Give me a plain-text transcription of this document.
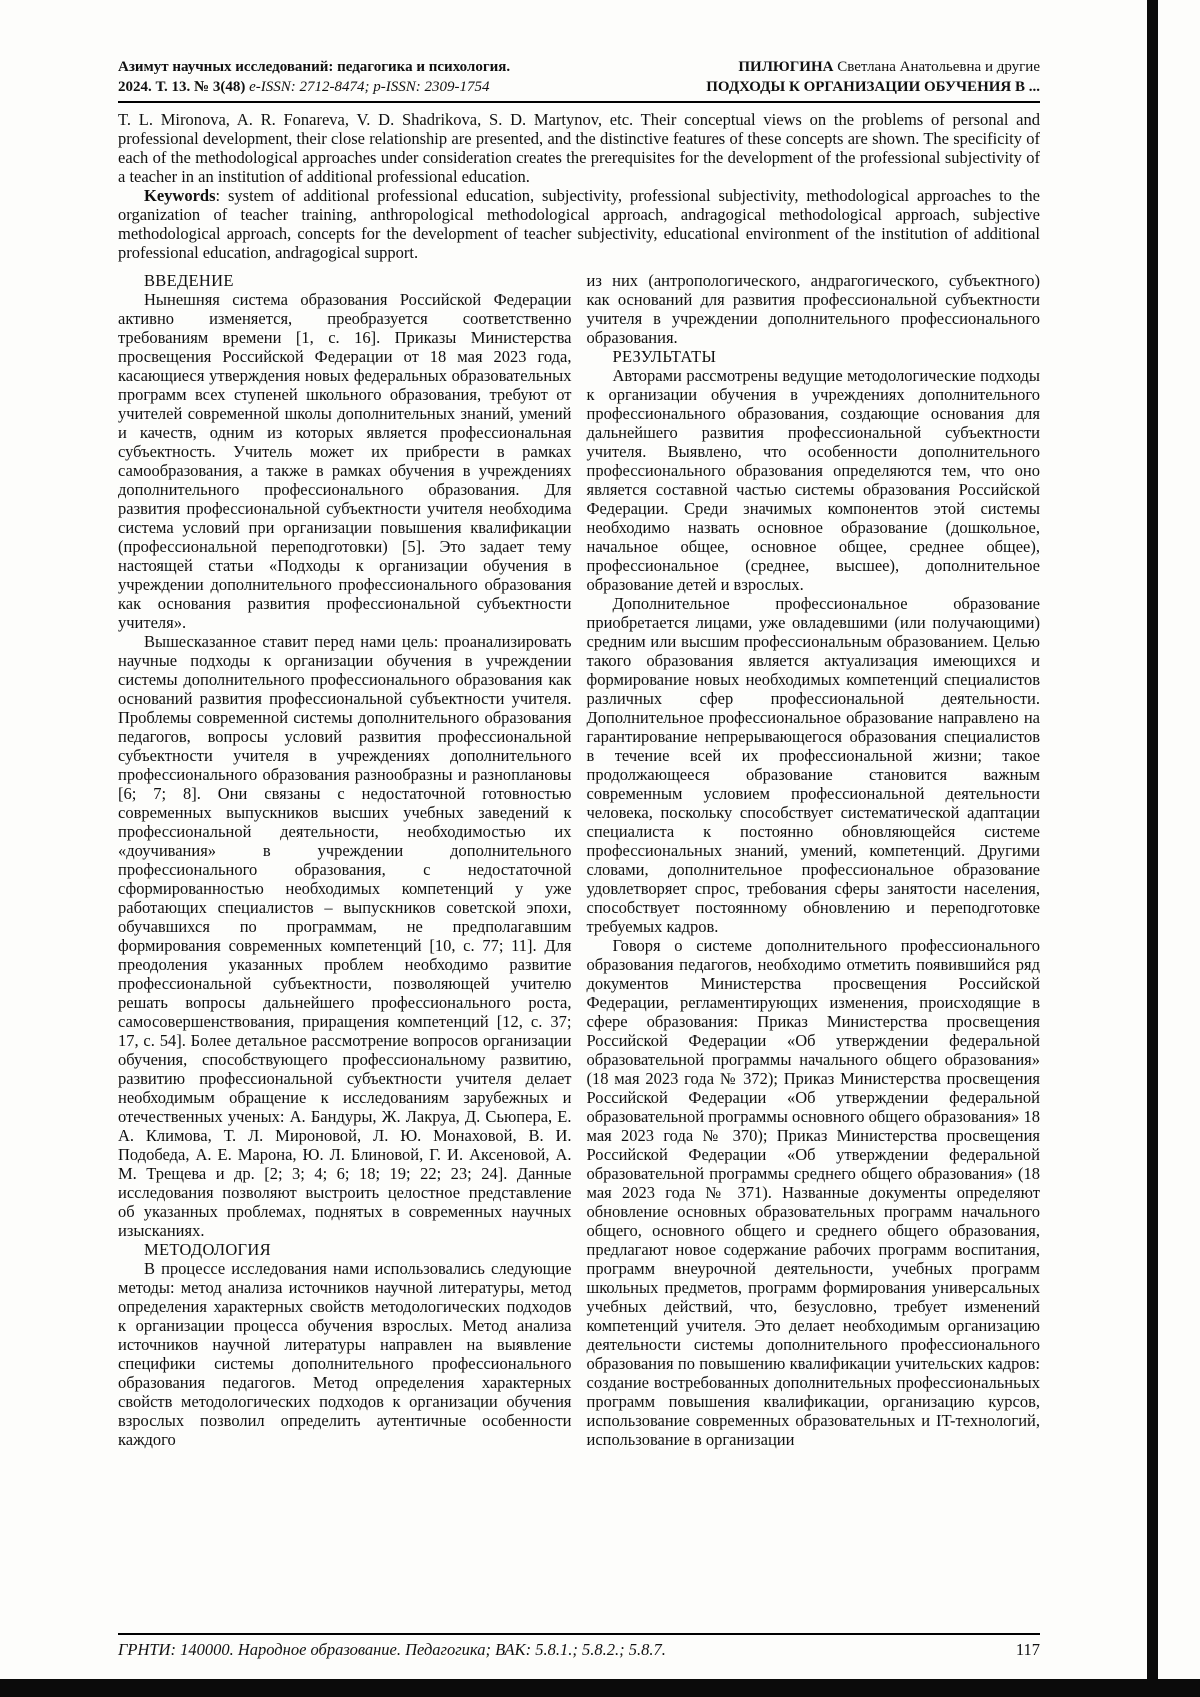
Азимут научных исследований: педагогика и психология.
2024. Т. 13. № 3(48) e-ISSN: 2712-8474; p-ISSN: 2309-1754
ПИЛЮГИНА Светлана Анатольевна и другие
ПОДХОДЫ К ОРГАНИЗАЦИИ ОБУЧЕНИЯ В ...

T. L. Mironova, A. R. Fonareva, V. D. Shadrikova, S. D. Martynov, etc. Their conceptual views on the problems of personal and professional development, their close relationship are presented, and the distinctive features of these concepts are shown. The specificity of each of the methodological approaches under consideration creates the prerequisites for the development of the professional subjectivity of a teacher in an institution of additional professional education.

Keywords: system of additional professional education, subjectivity, professional subjectivity, methodological approaches to the organization of teacher training, anthropological methodological approach, andragogical methodological approach, subjective methodological approach, concepts for the development of teacher subjectivity, educational environment of the institution of additional professional education, andragogical support.

ВВЕДЕНИЕ

Нынешняя система образования Российской Федерации активно изменяется, преобразуется соответственно требованиям времени [1, с. 16]. Приказы Министерства просвещения Российской Федерации от 18 мая 2023 года, касающиеся утверждения новых федеральных образовательных программ всех ступеней школьного образования, требуют от учителей современной школы дополнительных знаний, умений и качеств, одним из которых является профессиональная субъектность. Учитель может их прибрести в рамках самообразования, а также в рамках обучения в учреждениях дополнительного профессионального образования. Для развития профессиональной субъектности учителя необходима система условий при организации повышения квалификации (профессиональной переподготовки) [5]. Это задает тему настоящей статьи «Подходы к организации обучения в учреждении дополнительного профессионального образования как основания развития профессиональной субъектности учителя».

Вышесказанное ставит перед нами цель: проанализировать научные подходы к организации обучения в учреждении системы дополнительного профессионального образования как оснований развития профессиональной субъектности учителя. Проблемы современной системы дополнительного образования педагогов, вопросы условий развития профессиональной субъектности учителя в учреждениях дополнительного профессионального образования разнообразны и разноплановы [6; 7; 8]. Они связаны с недостаточной готовностью современных выпускников высших учебных заведений к профессиональной деятельности, необходимостью их «доучивания» в учреждении дополнительного профессионального образования, с недостаточной сформированностью необходимых компетенций у уже работающих специалистов – выпускников советской эпохи, обучавшихся по программам, не предполагавшим формирования современных компетенций [10, с. 77; 11]. Для преодоления указанных проблем необходимо развитие профессиональной субъектности, позволяющей учителю решать вопросы дальнейшего профессионального роста, самосовершенствования, приращения компетенций [12, с. 37; 17, с. 54]. Более детальное рассмотрение вопросов организации обучения, способствующего профессиональному развитию, развитию профессиональной субъектности учителя делает необходимым обращение к исследованиям зарубежных и отечественных ученых: А. Бандуры, Ж. Лакруа, Д. Сьюпера, Е. А. Климова, Т. Л. Мироновой, Л. Ю. Монаховой, В. И. Подобеда, А. Е. Марона, Ю. Л. Блиновой, Г. И. Аксеновой, А. М. Трещева и др. [2; 3; 4; 6; 18; 19; 22; 23; 24]. Данные исследования позволяют выстроить целостное представление об указанных проблемах, поднятых в современных научных изысканиях.

МЕТОДОЛОГИЯ

В процессе исследования нами использовались следующие методы: метод анализа источников научной литературы, метод определения характерных свойств методологических подходов к организации процесса обучения взрослых. Метод анализа источников научной литературы направлен на выявление специфики системы дополнительного профессионального образования педагогов. Метод определения характерных свойств методологических подходов к организации обучения взрослых позволил определить аутентичные особенности каждого

из них (антропологического, андрагогического, субъектного) как оснований для развития профессиональной субъектности учителя в учреждении дополнительного профессионального образования.

РЕЗУЛЬТАТЫ

Авторами рассмотрены ведущие методологические подходы к организации обучения в учреждениях дополнительного профессионального образования, создающие основания для дальнейшего развития профессиональной субъектности учителя. Выявлено, что особенности дополнительного профессионального образования определяются тем, что оно является составной частью системы образования Российской Федерации. Среди значимых компонентов этой системы необходимо назвать основное образование (дошкольное, начальное общее, основное общее, среднее общее), профессиональное (среднее, высшее), дополнительное образование детей и взрослых.

Дополнительное профессиональное образование приобретается лицами, уже овладевшими (или получающими) средним или высшим профессиональным образованием. Целью такого образования является актуализация имеющихся и формирование новых необходимых компетенций специалистов различных сфер профессиональной деятельности. Дополнительное профессиональное образование направлено на гарантирование непрерывающегося образования специалистов в течение всей их профессиональной жизни; такое продолжающееся образование становится важным современным условием профессиональной деятельности человека, поскольку способствует систематической адаптации специалиста к постоянно обновляющейся системе профессиональных знаний, умений, компетенций. Другими словами, дополнительное профессиональное образование удовлетворяет спрос, требования сферы занятости населения, способствует постоянному обновлению и переподготовке требуемых кадров.

Говоря о системе дополнительного профессионального образования педагогов, необходимо отметить появившийся ряд документов Министерства просвещения Российской Федерации, регламентирующих изменения, происходящие в сфере образования: Приказ Министерства просвещения Российской Федерации «Об утверждении федеральной образовательной программы начального общего образования» (18 мая 2023 года № 372); Приказ Министерства просвещения Российской Федерации «Об утверждении федеральной образовательной программы основного общего образования» 18 мая 2023 года № 370); Приказ Министерства просвещения Российской Федерации «Об утверждении федеральной образовательной программы среднего общего образования» (18 мая 2023 года № 371). Названные документы определяют обновление основных образовательных программ начального общего, основного общего и среднего общего образования, предлагают новое содержание рабочих программ воспитания, программ внеурочной деятельности, учебных программ школьных предметов, программ формирования универсальных учебных действий, что, безусловно, требует изменений компетенций учителя. Это делает необходимым организацию деятельности системы дополнительного профессионального образования по повышению квалификации учительских кадров: создание востребованных дополнительных профессиональньых программ повышения квалификации, организацию курсов, использование современных образовательных и IT-технологий, использование в организации

ГРНТИ: 140000. Народное образование. Педагогика; ВАК: 5.8.1.; 5.8.2.; 5.8.7.	117
